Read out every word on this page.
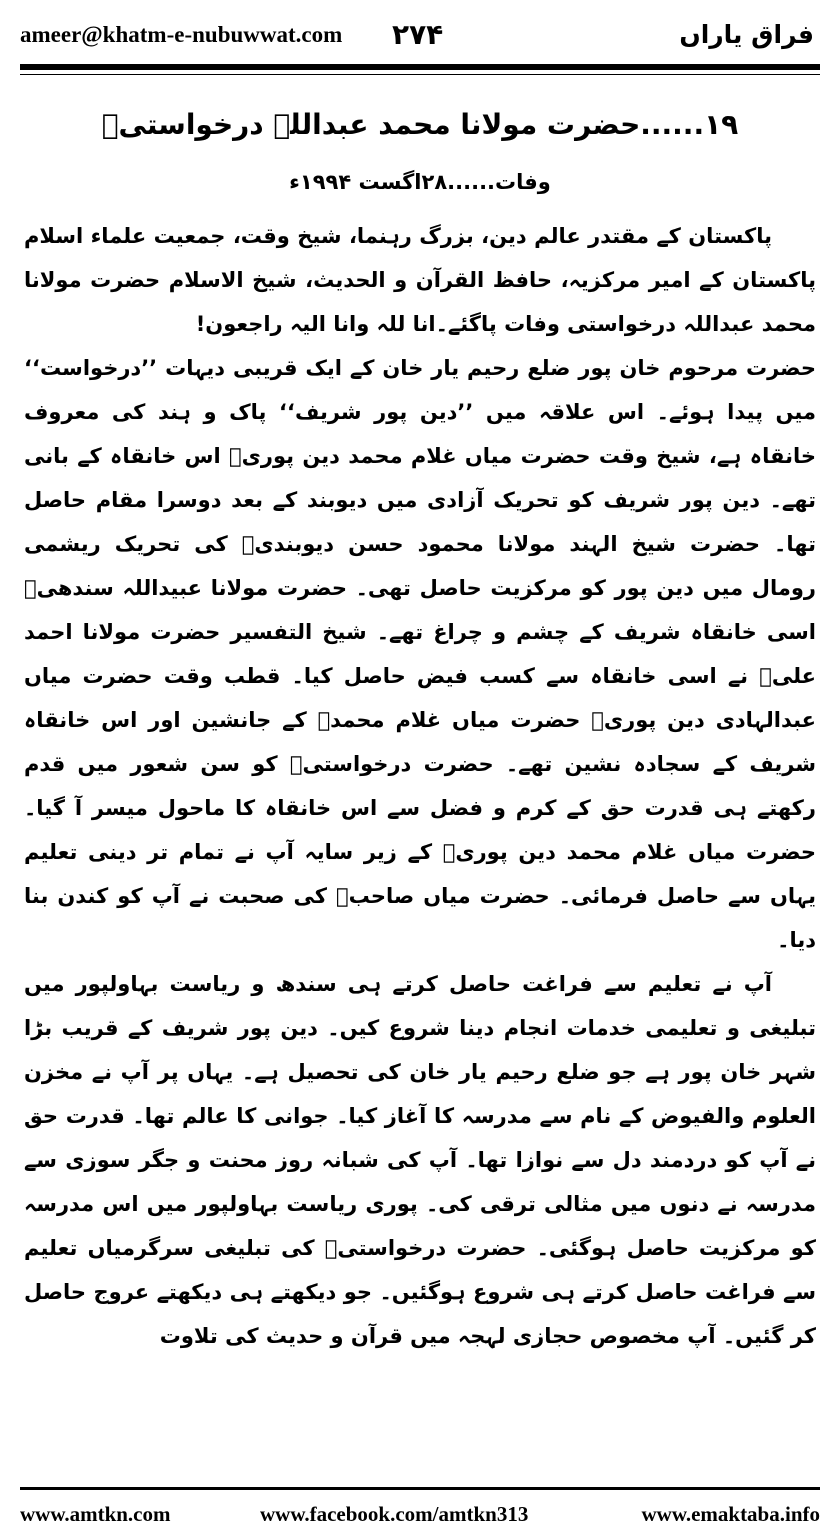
ameer@khatm-e-nubuwwat.com ۲۷۴	فراق یاراں
۱۹......حضرت مولانا محمد عبداللہ درخواستیؒ
وفات......۲۸اگست ۱۹۹۴ء

پاکستان کے مقتدر عالم دین، بزرگ رہنما، شیخ وقت، جمعیت علماء اسلام پاکستان کے امیر مرکزیہ، حافظ القرآن و الحدیث، شیخ الاسلام حضرت مولانا محمد عبداللہ درخواستی وفات پاگئے۔انا للہ وانا الیہ راجعون!

حضرت مرحوم خان پور ضلع رحیم یار خان کے ایک قریبی دیہات ’’درخواست‘‘ میں پیدا ہوئے۔ اس علاقہ میں ’’دین پور شریف‘‘ پاک و ہند کی معروف خانقاہ ہے، شیخ وقت حضرت میاں غلام محمد دین پوریؒ اس خانقاہ کے بانی تھے۔ دین پور شریف کو تحریک آزادی میں دیوبند کے بعد دوسرا مقام حاصل تھا۔ حضرت شیخ الہند مولانا محمود حسن دیوبندیؒ کی تحریک ریشمی رومال میں دین پور کو مرکزیت حاصل تھی۔ حضرت مولانا عبیداللہ سندھیؒ اسی خانقاہ شریف کے چشم و چراغ تھے۔ شیخ التفسیر حضرت مولانا احمد علیؒ نے اسی خانقاہ سے کسب فیض حاصل کیا۔ قطب وقت حضرت میاں عبدالہادی دین پوریؒ حضرت میاں غلام محمدؒ کے جانشین اور اس خانقاہ شریف کے سجادہ نشین تھے۔ حضرت درخواستیؒ کو سن شعور میں قدم رکھتے ہی قدرت حق کے کرم و فضل سے اس خانقاہ کا ماحول میسر آ گیا۔ حضرت میاں غلام محمد دین پوریؒ کے زیر سایہ آپ نے تمام تر دینی تعلیم یہاں سے حاصل فرمائی۔ حضرت میاں صاحبؒ کی صحبت نے آپ کو کندن بنا دیا۔

آپ نے تعلیم سے فراغت حاصل کرتے ہی سندھ و ریاست بہاولپور میں تبلیغی و تعلیمی خدمات انجام دینا شروع کیں۔ دین پور شریف کے قریب بڑا شہر خان پور ہے جو ضلع رحیم یار خان کی تحصیل ہے۔ یہاں پر آپ نے مخزن العلوم والفیوض کے نام سے مدرسہ کا آغاز کیا۔ جوانی کا عالم تھا۔ قدرت حق نے آپ کو دردمند دل سے نوازا تھا۔ آپ کی شبانہ روز محنت و جگر سوزی سے مدرسہ نے دنوں میں مثالی ترقی کی۔ پوری ریاست بہاولپور میں اس مدرسہ کو مرکزیت حاصل ہوگئی۔ حضرت درخواستیؒ کی تبلیغی سرگرمیاں تعلیم سے فراغت حاصل کرتے ہی شروع ہوگئیں۔ جو دیکھتے ہی دیکھتے عروج حاصل کر گئیں۔ آپ مخصوص حجازی لہجہ میں قرآن و حدیث کی تلاوت

www.amtkn.com	www.facebook.com/amtkn313	www.emaktaba.info
